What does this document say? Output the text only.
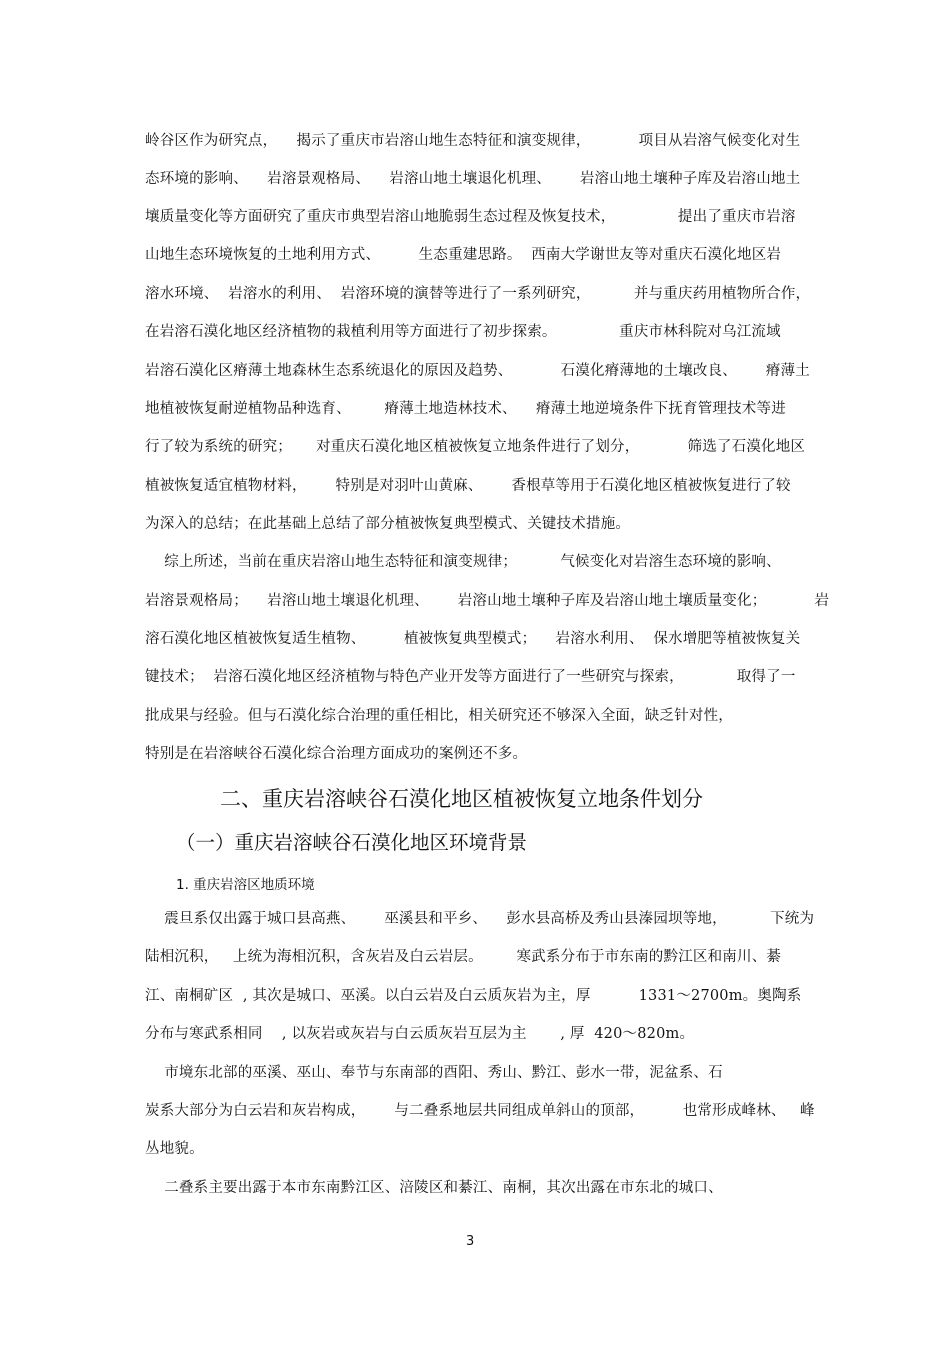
岭谷区作为研究点，    揭示了重庆市岩溶山地生态特征和演变规律，          项目从岩溶气候变化对生
态环境的影响、    岩溶景观格局、    岩溶山地土壤退化机理、      岩溶山地土壤种子库及岩溶山地土
壤质量变化等方面研究了重庆市典型岩溶山地脆弱生态过程及恢复技术，             提出了重庆市岩溶
山地生态环境恢复的土地利用方式、        生态重建思路。  西南大学谢世友等对重庆石漠化地区岩
溶水环境、  岩溶水的利用、  岩溶环境的演替等进行了一系列研究，         并与重庆药用植物所合作，
在岩溶石漠化地区经济植物的栽植利用等方面进行了初步探索。             重庆市林科院对乌江流域
岩溶石漠化区瘠薄土地森林生态系统退化的原因及趋势、          石漠化瘠薄地的土壤改良、      瘠薄土
地植被恢复耐逆植物品种选育、       瘠薄土地造林技术、    瘠薄土地逆境条件下抚育管理技术等进
行了较为系统的研究；     对重庆石漠化地区植被恢复立地条件进行了划分，          筛选了石漠化地区
植被恢复适宜植物材料，      特别是对羽叶山黄麻、      香根草等用于石漠化地区植被恢复进行了较
为深入的总结；在此基础上总结了部分植被恢复典型模式、关键技术措施。
综上所述，当前在重庆岩溶山地生态特征和演变规律；         气候变化对岩溶生态环境的影响、
岩溶景观格局；    岩溶山地土壤退化机理、      岩溶山地土壤种子库及岩溶山地土壤质量变化；          岩
溶石漠化地区植被恢复适生植物、        植被恢复典型模式；    岩溶水利用、  保水增肥等植被恢复关
键技术；  岩溶石漠化地区经济植物与特色产业开发等方面进行了一些研究与探索，           取得了一
批成果与经验。但与石漠化综合治理的重任相比，相关研究还不够深入全面，缺乏针对性，
特别是在岩溶峡谷石漠化综合治理方面成功的案例还不多。
二、重庆岩溶峡谷石漠化地区植被恢复立地条件划分
（一）重庆岩溶峡谷石漠化地区环境背景
1. 重庆岩溶区地质环境
震旦系仅出露于城口县高燕、      巫溪县和平乡、    彭水县高桥及秀山县溱园坝等地，         下统为
陆相沉积，   上统为海相沉积，含灰岩及白云岩层。       寒武系分布于市东南的黔江区和南川、綦
江、南桐矿区  , 其次是城口、巫溪。以白云岩及白云质灰岩为主，厚          1331～2700m。奥陶系
分布与寒武系相同    , 以灰岩或灰岩与白云质灰岩互层为主       , 厚  420～820m。
市境东北部的巫溪、巫山、奉节与东南部的酉阳、秀山、黔江、彭水一带，泥盆系、石
炭系大部分为白云岩和灰岩构成，      与二叠系地层共同组成单斜山的顶部，        也常形成峰林、   峰
丛地貌。
二叠系主要出露于本市东南黔江区、涪陵区和綦江、南桐，其次出露在市东北的城口、
3
